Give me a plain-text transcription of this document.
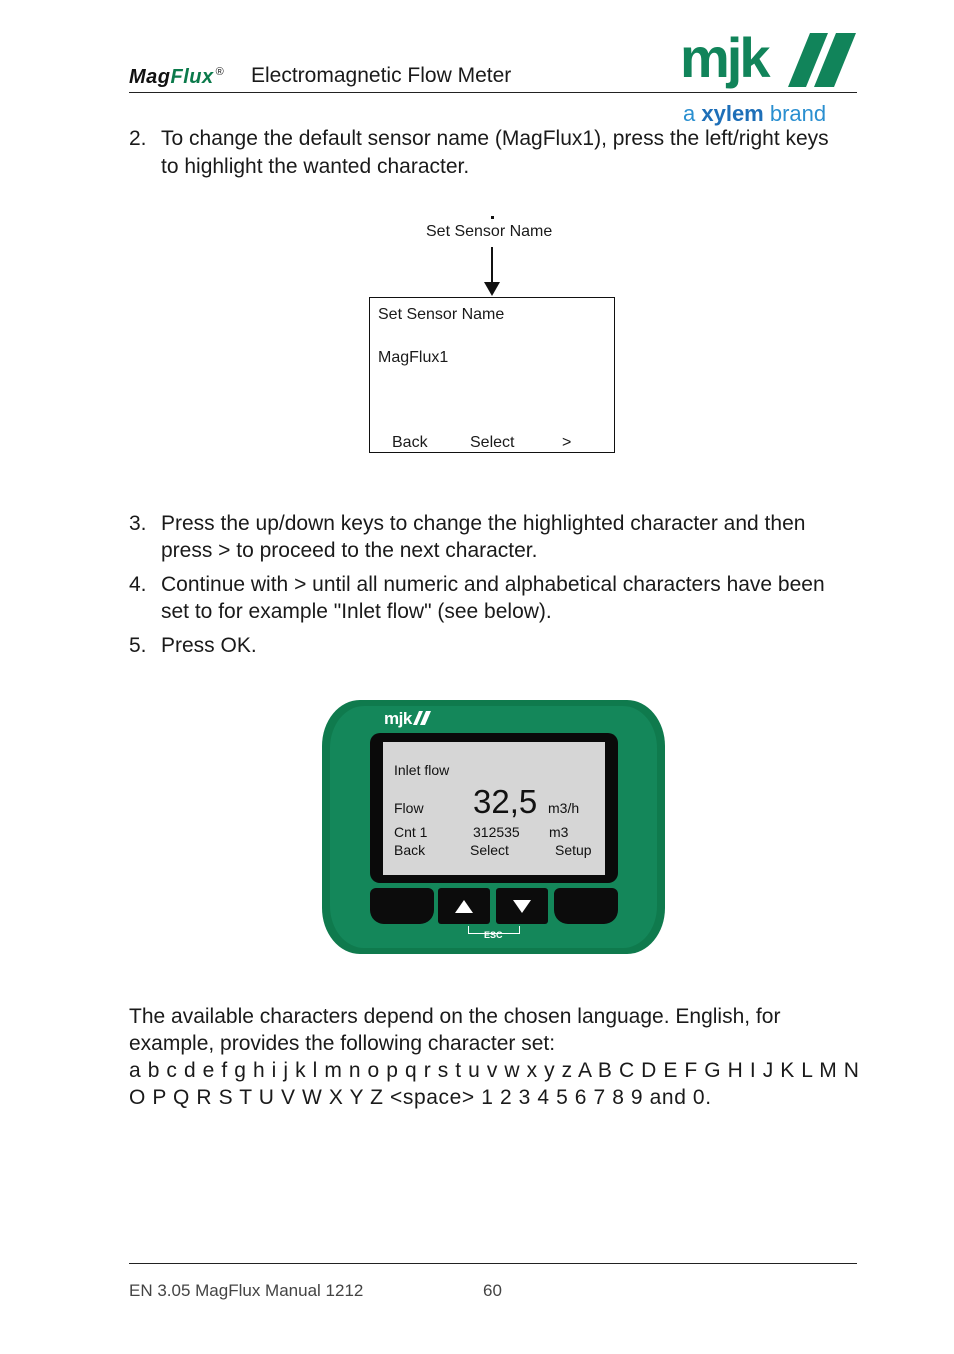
MagFlux ® Electromagnetic Flow Meter	mjk
a xylem brand
2. To change the default sensor name (MagFlux1), press the left/right keys
to highlight the wanted character.
Set Sensor Name
Set Sensor Name
MagFlux1
Back	Select	>
3. Press the up/down keys to change the highlighted character and then
press > to proceed to the next character.
4. Continue with > until all numeric and alphabetical characters have been
set to for example "Inlet flow" (see below).
5. Press OK.
mjk
Inlet flow
Flow 32,5 m3/h
Cnt 1	312535 m3
Back	Select	Setup
ESC
The available characters depend on the chosen language. English, for
example, provides the following character set:
a b c d e f g h i j k l m n o p q r s t u v w x y z A B C D E F G H I J K L M N
O P Q R S T U V W X Y Z <space> 1 2 3 4 5 6 7 8 9 and 0.
EN 3.05 MagFlux Manual 1212	60
